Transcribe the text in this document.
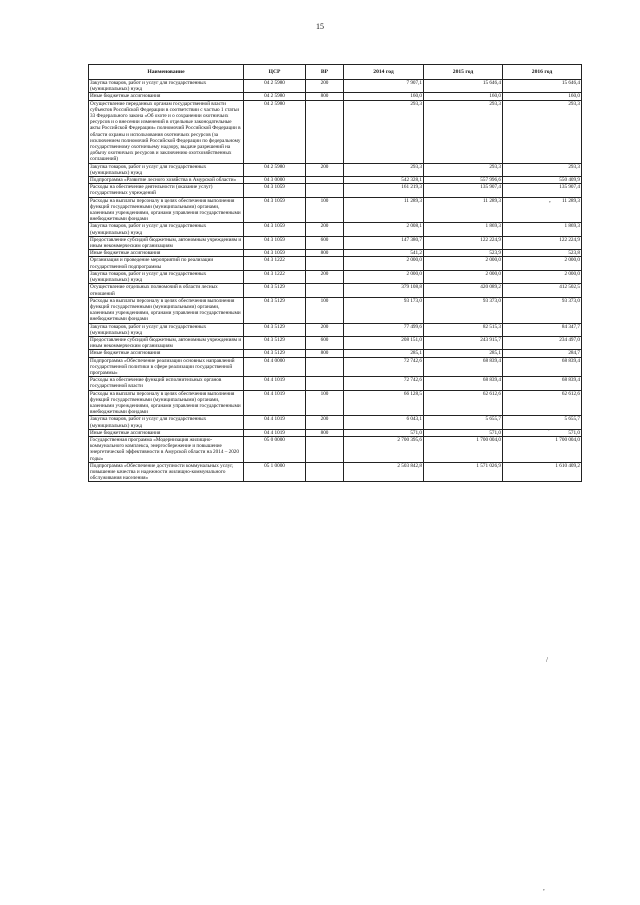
15
Наименование	ЦСР	ВР	2014 год	2015 год	2016 год
Закупка товаров, работ и услуг для государственных (муниципальных) нужд	04 2 5980	200	7 907,1	15 646,4	15 646,4

Иные бюджетные ассигнования	04 2 5980	800	160,0	160,0	160,0

Осуществление переданных органам государственной власти субъектов Российской Федерации в соответствии с частью 1 статьи 33 Федерального закона «Об охоте и о сохранении охотничьих ресурсов и о внесении изменений в отдельные законодательные акты Российской Федерации» полномочий Российской Федерации в области охраны и использования охотничьих ресурсов (за исключением полномочий Российской Федерации по федеральному государственному охотничьему надзору, выдаче разрешений на добычу охотничьих ресурсов и заключению охотхозяйственных соглашений)	04 2 5980		293,3	293,3	293,3

Закупка товаров, работ и услуг для государственных (муниципальных) нужд	04 2 5980	200	293,3	293,3	293,3

Подпрограмма «Развитие лесного хозяйства в Амурской области»	04 3 0000		542 328,1	557 996,6	550 409,9

Расходы на обеспечение деятельности (оказание услуг) государственных учреждений	04 3 1059		161 219,3	135 907,4	135 907,4

Расходы на выплаты персоналу в целях обеспечения выполнения функций государственными (муниципальными) органами, казенными учреждениями, органами управления государственными внебюджетными фондами	04 3 1059	100	11 289,3	11 289,3	11 289,3

Закупка товаров, работ и услуг для государственных (муниципальных) нужд	04 3 1059	200	2 008,1	1 869,3	1 869,3

Предоставление субсидий бюджетным, автономным учреждениям и иным некоммерческим организациям	04 3 1059	600	147 380,7	122 224,9	122 224,9

Иные бюджетные ассигнования	04 3 1059	800	541,2	523,9	523,8

Организация и проведение мероприятий по реализации государственной подпрограммы	04 3 1222		2 000,0	2 000,0	2 000,0

Закупка товаров, работ и услуг для государственных (муниципальных) нужд	04 3 1222	200	2 000,0	2 000,0	2 000,0

Осуществление отдельных полномочий в области лесных отношений	04 3 5129		379 108,8	420 089,2	412 502,5

Расходы на выплаты персоналу в целях обеспечения выполнения функций государственными (муниципальными) органами, казенными учреждениями, органами управления государственными внебюджетными фондами	04 3 5129	100	93 173,0	93 373,0	93 373,0

Закупка товаров, работ и услуг для государственных (муниципальных) нужд	04 3 5129	200	77 499,6	82 515,3	84 347,7

Предоставление субсидий бюджетным, автономным учреждениям и иным некоммерческим организациям	04 3 5129	600	208 151,0	243 915,7	234 497,0

Иные бюджетные ассигнования	04 3 5129	800	285,1	285,1	284,7

Подпрограмма «Обеспечение реализации основных направлений государственной политики в сфере реализации государственной программы»	04 4 0000		72 742,6	68 839,4	68 839,4

Расходы на обеспечение функций исполнительных органов государственной власти	04 4 1019		72 742,6	68 839,4	68 839,4

Расходы на выплаты персоналу в целях обеспечения выполнения функций государственными (муниципальными) органами, казенными учреждениями, органами управления государственными внебюджетными фондами	04 4 1019	100	66 128,5	62 612,6	62 612,6

Закупка товаров, работ и услуг для государственных (муниципальных) нужд	04 4 1019	200	6 043,1	5 655,7	5 655,7

Иные бюджетные ассигнования	04 4 1019	800	571,0	571,0	571,0

Государственная программа «Модернизация жилищно-коммунального комплекса, энергосбережение и повышение энергетической эффективности в Амурской области на 2014 – 2020 годы»	05 0 0000		2 700 395,6	1 700 004,0	1 700 004,0

Подпрограмма «Обеспечение доступности коммунальных услуг, повышение качества и надежности жилищно-коммунального обслуживания населения»	05 1 0000		2 503 842,8	1 571 026,9	1 610 409,2
,
,
/
,
